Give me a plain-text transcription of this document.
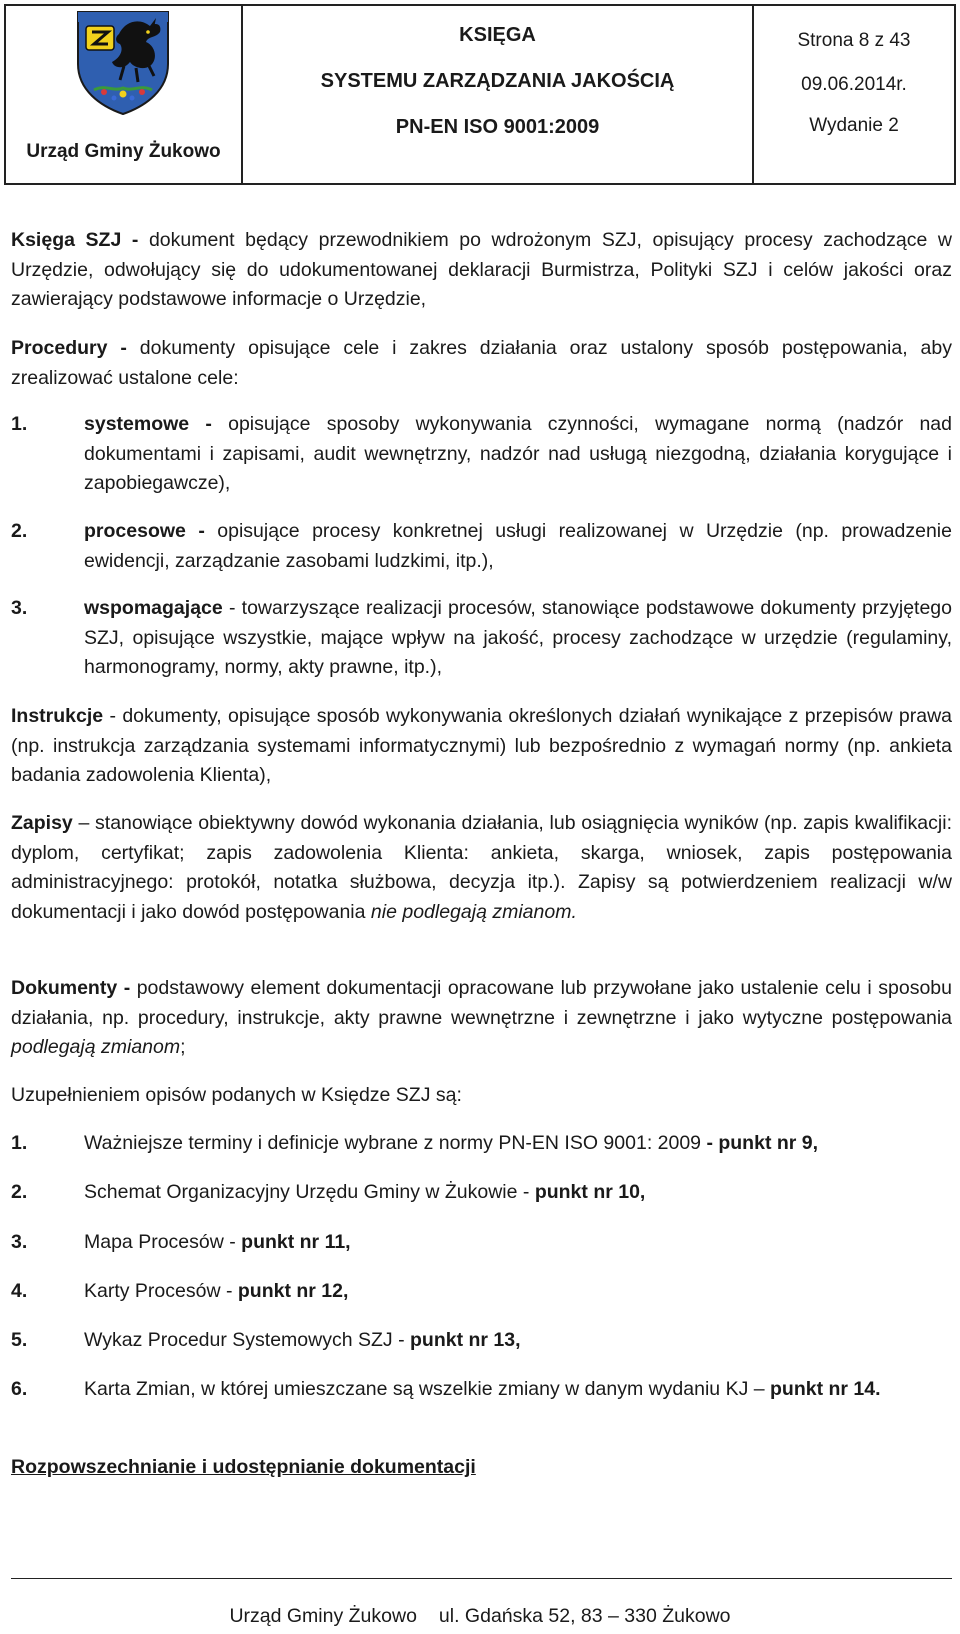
Urząd Gminy Żukowo
KSIĘGA
SYSTEMU ZARZĄDZANIA JAKOŚCIĄ
PN-EN ISO 9001:2009
Strona 8 z 43
09.06.2014r.
Wydanie 2

Księga SZJ - dokument będący przewodnikiem po wdrożonym SZJ, opisujący procesy zachodzące w Urzędzie, odwołujący się do udokumentowanej deklaracji Burmistrza, Polityki SZJ i celów jakości oraz zawierający podstawowe informacje o Urzędzie,

Procedury - dokumenty opisujące cele i zakres działania oraz ustalony sposób postępowania, aby zrealizować ustalone cele:

1.	systemowe - opisujące sposoby wykonywania czynności, wymagane normą (nadzór nad dokumentami i zapisami, audit wewnętrzny, nadzór nad usługą niezgodną, działania korygujące i zapobiegawcze),
2.	procesowe - opisujące procesy konkretnej usługi realizowanej w Urzędzie (np. prowadzenie ewidencji, zarządzanie zasobami ludzkimi, itp.),
3.	wspomagające - towarzyszące realizacji procesów, stanowiące podstawowe dokumenty przyjętego SZJ, opisujące wszystkie, mające wpływ na jakość, procesy zachodzące w urzędzie (regulaminy, harmonogramy, normy, akty prawne, itp.),

Instrukcje - dokumenty, opisujące sposób wykonywania określonych działań wynikające z przepisów prawa (np. instrukcja zarządzania systemami informatycznymi) lub bezpośrednio z wymagań normy (np. ankieta badania zadowolenia Klienta),

Zapisy – stanowiące obiektywny dowód wykonania działania, lub osiągnięcia wyników (np. zapis kwalifikacji: dyplom, certyfikat; zapis zadowolenia Klienta: ankieta, skarga, wniosek, zapis postępowania administracyjnego: protokół, notatka służbowa, decyzja itp.). Zapisy są potwierdzeniem realizacji w/w dokumentacji i jako dowód postępowania nie podlegają zmianom.

Dokumenty - podstawowy element dokumentacji opracowane lub przywołane jako ustalenie celu i sposobu działania, np. procedury, instrukcje, akty prawne wewnętrzne i zewnętrzne i jako wytyczne postępowania podlegają zmianom;

Uzupełnieniem opisów podanych w Księdze SZJ są:

1.	Ważniejsze terminy i definicje wybrane z normy PN-EN ISO 9001: 2009 - punkt nr 9,
2.	Schemat Organizacyjny Urzędu Gminy w Żukowie - punkt nr 10,
3.	Mapa Procesów - punkt nr 11,
4.	Karty Procesów - punkt nr 12,
5.	Wykaz Procedur Systemowych SZJ - punkt nr 13,
6.	Karta Zmian, w której umieszczane są wszelkie zmiany w danym wydaniu KJ – punkt nr 14.
Rozpowszechnianie i udostępnianie dokumentacji
Urząd Gminy Żukowo ul. Gdańska 52, 83 – 330 Żukowo
